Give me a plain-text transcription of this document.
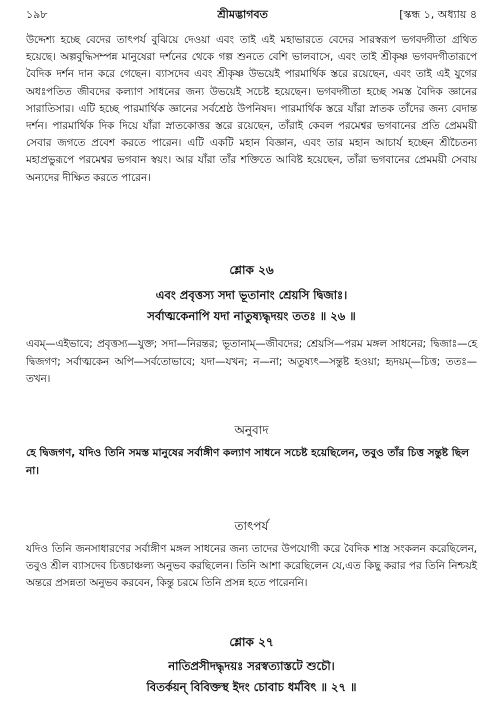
১৯৮	শ্রীমদ্ভাগবত	[স্কন্ধ ১, অধ্যায় ৪
উদ্দেশ্য হচ্ছে বেদের তাৎপর্য বুঝিয়ে দেওয়া এবং তাই এই মহাভারতে বেদের সারস্বরূপ ভগবদ্গীতা গ্রথিত হয়েছে। অল্পবুদ্ধিসম্পন্ন মানুষেরা দর্শনের থেকে গল্প শুনতে বেশি ভালবাসে, এবং তাই শ্রীকৃষ্ণ ভগবদগীতারূপে বৈদিক দর্শন দান করে গেছেন। ব্যাসদেব এবং শ্রীকৃষ্ণ উভয়েই পারমার্থিক স্তরে রয়েছেন, এবং তাই এই যুগের অধঃপতিত জীবদের কল্যাণ সাধনের জন্য উভয়েই সচেষ্ট হয়েছেন। ভগবদ্গীতা হচ্ছে সমস্ত বৈদিক জ্ঞানের সারাতিসার। এটি হচ্ছে পারমার্থিক জ্ঞানের সর্বশ্রেষ্ঠ উপনিষদ। পারমার্থিক স্তরে যাঁরা স্নাতক তাঁদের জন্য বেদান্ত দর্শন। পারমার্থিক দিক দিয়ে যাঁরা স্নাতকোত্তর স্তরে রয়েছেন, তাঁরাই কেবল পরমেশ্বর ভগবানের প্রতি প্রেমময়ী সেবার জগতে প্রবেশ করতে পারেন। এটি একটি মহান বিজ্ঞান, এবং তার মহান আচার্য হচ্ছেন শ্রীচৈতন্য মহাপ্রভুরূপে পরমেশ্বর ভগবান স্বয়ং। আর যাঁরা তাঁর শক্তিতে আবিষ্ট হয়েছেন, তাঁরা ভগবানের প্রেমময়ী সেবায় অন্যদের দীক্ষিত করতে পারেন।
শ্লোক ২৬
এবং প্রবৃত্তস্য সদা ভূতানাং শ্রেয়সি দ্বিজাঃ।
সর্বাত্মকেনাপি যদা নাতুষ্যদ্ধৃদয়ং ততঃ ॥ ২৬ ॥
এবম্—এইভাবে; প্রবৃত্তস্য—যুক্ত; সদা—নিরন্তর; ভূতানাম্—জীবদের; শ্রেয়সি—পরম মঙ্গল সাধনের; দ্বিজাঃ—হে দ্বিজগণ; সর্বাত্মকেন অপি—সর্বতোভাবে; যদা—যখন; ন—না; অতুষ্যৎ—সন্তুষ্ট হওয়া; হৃদয়ম্—চিত্ত; ততঃ—তখন।
অনুবাদ
হে দ্বিজগণ, যদিও তিনি সমস্ত মানুষের সর্বাঙ্গীণ কল্যাণ সাধনে সচেষ্ট হয়েছিলেন, তবুও তাঁর চিত্ত সন্তুষ্ট ছিল না।
তাৎপর্য
যদিও তিনি জনসাধারণের সর্বাঙ্গীণ মঙ্গল সাধনের জন্য তাদের উপযোগী করে বৈদিক শাস্ত্র সংকলন করেছিলেন, তবুও শ্রীল ব্যাসদেব চিত্তচাঞ্চল্য অনুভব করছিলেন। তিনি আশা করেছিলেন যে,এত কিছু করার পর তিনি নিশ্চয়ই অন্তরে প্রসন্নতা অনুভব করবেন, কিন্তু চরমে তিনি প্রসন্ন হতে পারেননি।
শ্লোক ২৭
নাতিপ্রসীদদ্ধৃদয়ঃ সরস্বত্যাস্তটে শুচৌ।
বিতর্কয়ন্ বিবিক্তস্থ ইদং চোবাচ ধর্মবিৎ ॥ ২৭ ॥
